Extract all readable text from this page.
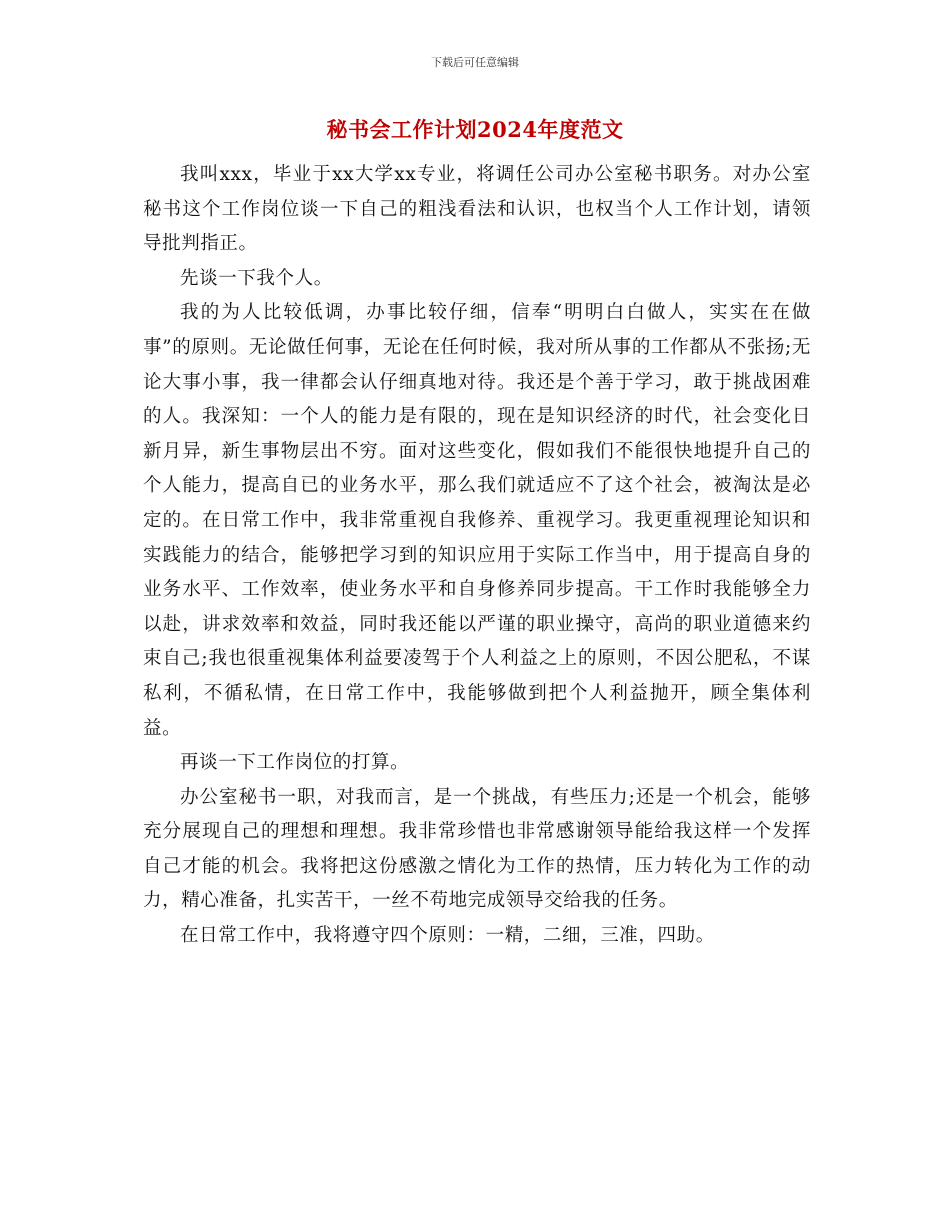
下载后可任意编辑
秘书会工作计划2024年度范文

我叫xxx，毕业于xx大学xx专业，将调任公司办公室秘书职务。对办公室秘书这个工作岗位谈一下自己的粗浅看法和认识，也权当个人工作计划，请领导批判指正。

先谈一下我个人。

我的为人比较低调，办事比较仔细，信奉“明明白白做人，实实在在做事”的原则。无论做任何事，无论在任何时候，我对所从事的工作都从不张扬;无论大事小事，我一律都会认仔细真地对待。我还是个善于学习，敢于挑战困难的人。我深知：一个人的能力是有限的，现在是知识经济的时代，社会变化日新月异，新生事物层出不穷。面对这些变化，假如我们不能很快地提升自己的个人能力，提高自已的业务水平，那么我们就适应不了这个社会，被淘汰是必定的。在日常工作中，我非常重视自我修养、重视学习。我更重视理论知识和实践能力的结合，能够把学习到的知识应用于实际工作当中，用于提高自身的业务水平、工作效率，使业务水平和自身修养同步提高。干工作时我能够全力以赴，讲求效率和效益，同时我还能以严谨的职业操守，高尚的职业道德来约束自己;我也很重视集体利益要凌驾于个人利益之上的原则，不因公肥私，不谋私利，不循私情，在日常工作中，我能够做到把个人利益抛开，顾全集体利益。

再谈一下工作岗位的打算。

办公室秘书一职，对我而言，是一个挑战，有些压力;还是一个机会，能够充分展现自己的理想和理想。我非常珍惜也非常感谢领导能给我这样一个发挥自己才能的机会。我将把这份感激之情化为工作的热情，压力转化为工作的动力，精心准备，扎实苦干，一丝不苟地完成领导交给我的任务。

在日常工作中，我将遵守四个原则：一精，二细，三准，四助。
